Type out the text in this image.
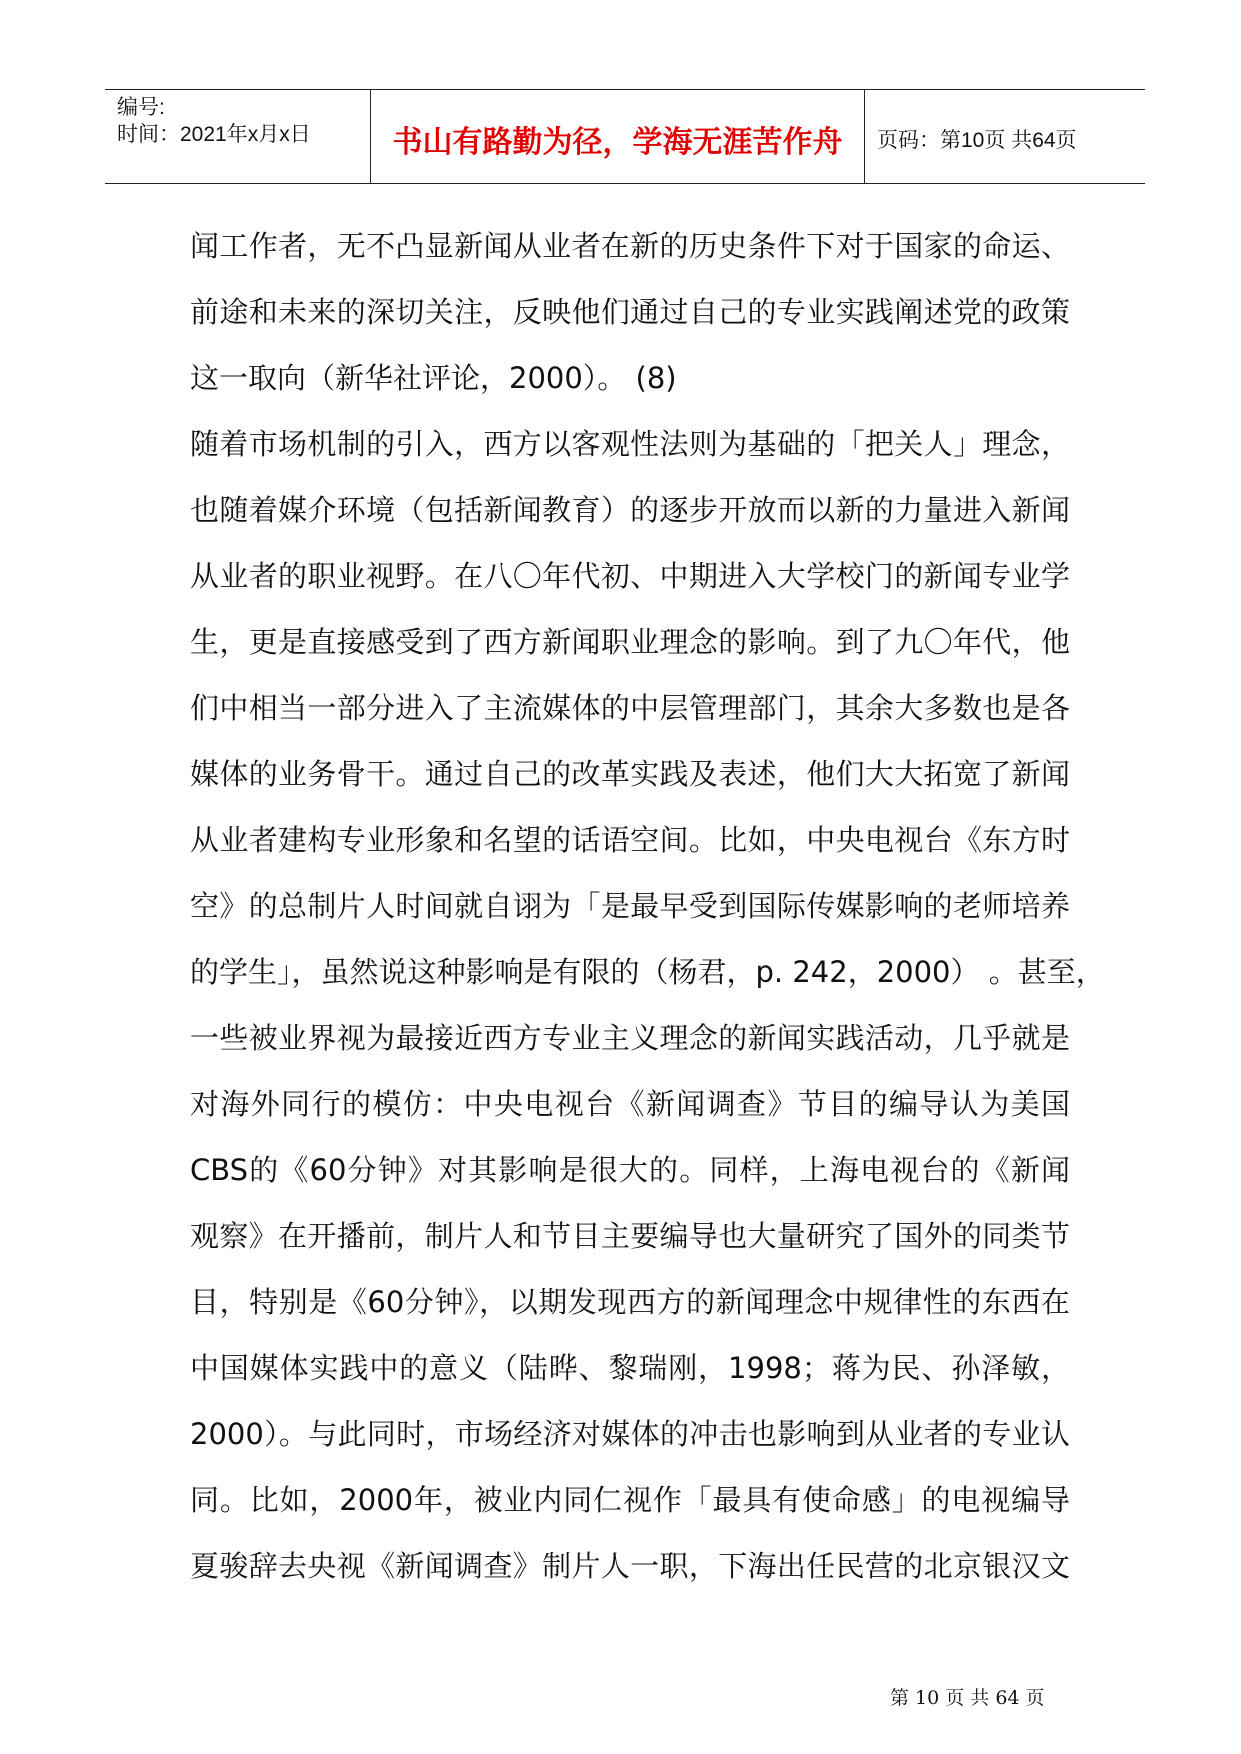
编号:
时间：2021年x月x日	书山有路勤为径，学海无涯苦作舟	页码：第10页 共64页
闻工作者，无不凸显新闻从业者在新的历史条件下对于国家的命运、
前途和未来的深切关注，反映他们通过自己的专业实践阐述党的政策
这一取向（新华社评论，2000）。 (8)
随着市场机制的引入，西方以客观性法则为基础的「把关人」理念，
也随着媒介环境（包括新闻教育）的逐步开放而以新的力量进入新闻
从业者的职业视野。在八〇年代初、中期进入大学校门的新闻专业学
生，更是直接感受到了西方新闻职业理念的影响。到了九〇年代，他
们中相当一部分进入了主流媒体的中层管理部门，其余大多数也是各
媒体的业务骨干。通过自己的改革实践及表述，他们大大拓宽了新闻
从业者建构专业形象和名望的话语空间。比如，中央电视台《东方时
空》的总制片人时间就自诩为「是最早受到国际传媒影响的老师培养
的学生」，虽然说这种影响是有限的（杨君，p. 242，2000） 。甚至，
一些被业界视为最接近西方专业主义理念的新闻实践活动，几乎就是
对海外同行的模仿：中央电视台《新闻调查》节目的编导认为美国
CBS的《60分钟》对其影响是很大的。同样，上海电视台的《新闻
观察》在开播前，制片人和节目主要编导也大量研究了国外的同类节
目，特别是《60分钟》，以期发现西方的新闻理念中规律性的东西在
中国媒体实践中的意义（陆晔、黎瑞刚，1998；蒋为民、孙泽敏，
2000）。与此同时，市场经济对媒体的冲击也影响到从业者的专业认
同。比如，2000年，被业内同仁视作「最具有使命感」的电视编导
夏骏辞去央视《新闻调查》制片人一职，下海出任民营的北京银汉文
第 10 页 共 64 页
